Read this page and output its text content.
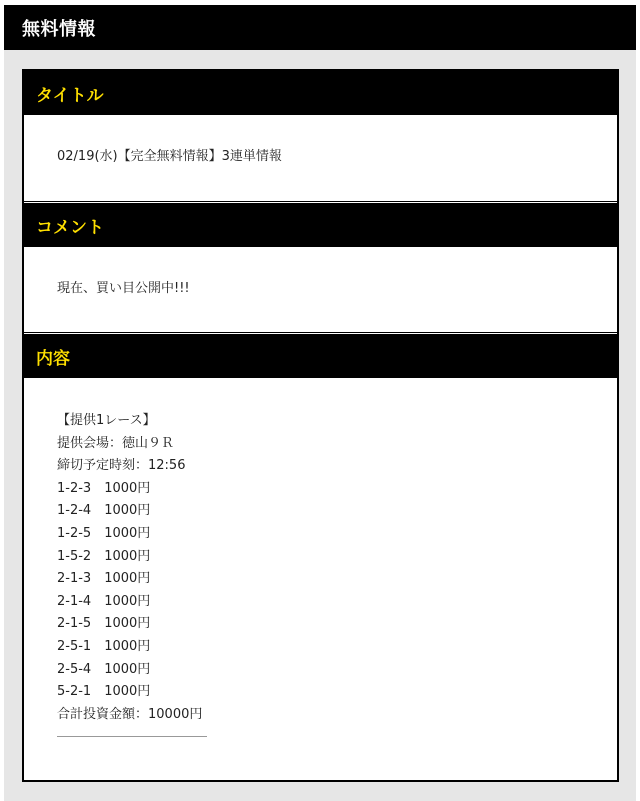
無料情報
タイトル
02/19(水)【完全無料情報】3連単情報
コメント
現在、買い目公開中!!!
内容
【提供1レース】
提供会場：徳山９Ｒ
締切予定時刻：12:56
1-2-3　1000円
1-2-4　1000円
1-2-5　1000円
1-5-2　1000円
2-1-3　1000円
2-1-4　1000円
2-1-5　1000円
2-5-1　1000円
2-5-4　1000円
5-2-1　1000円
合計投資金額：10000円
